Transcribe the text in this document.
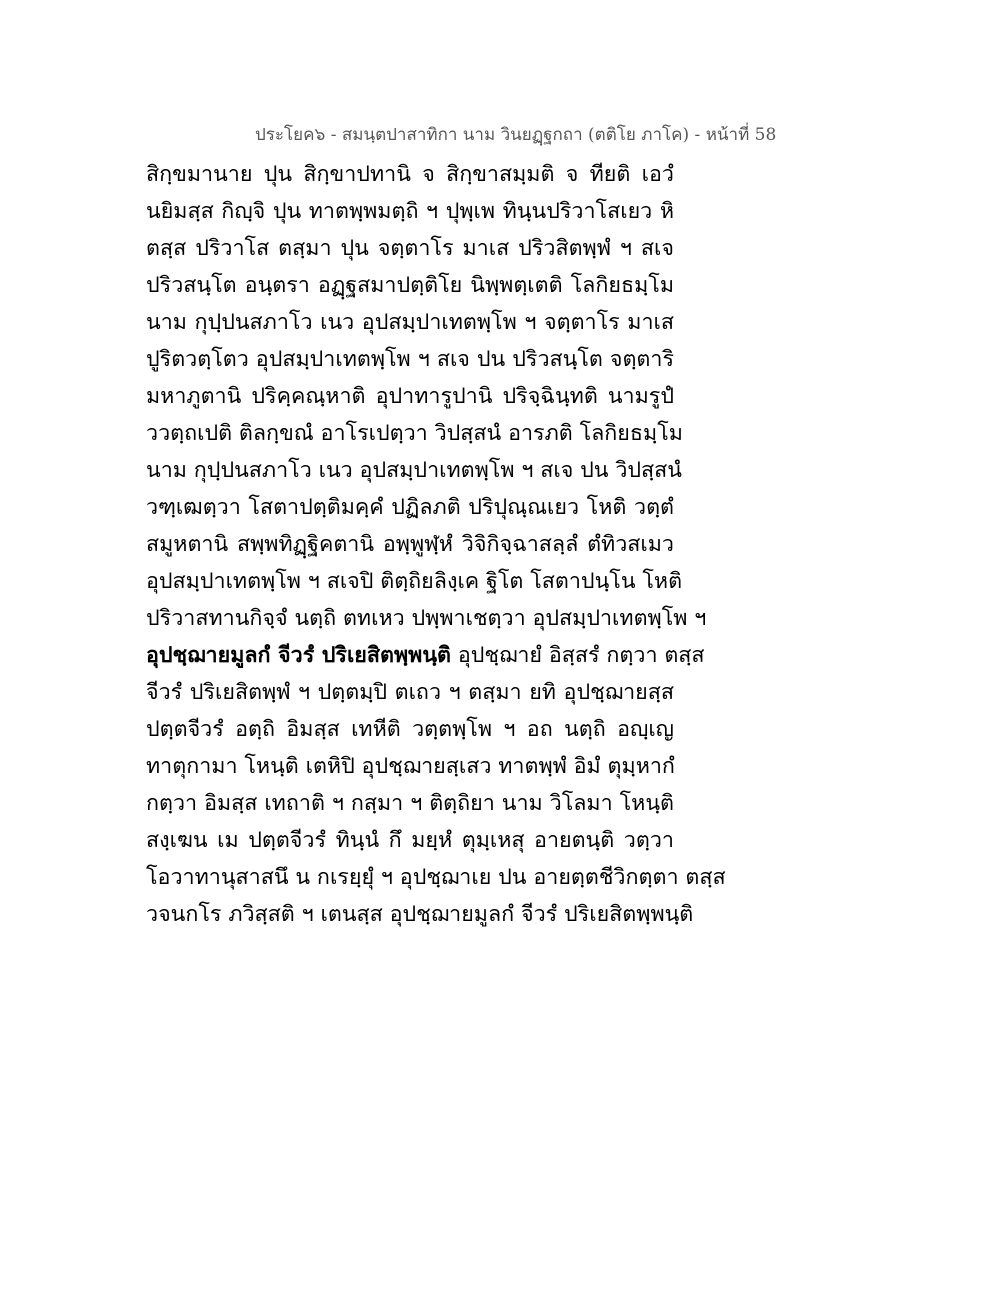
ประโยค๖ - สมนฺตปาสาทิกา นาม วินยฏฺฐกถา (ตติโย ภาโค) - หน้าที่ 58
สิกฺขมานาย ปุน สิกฺขาปทานิ จ สิกฺขาสมฺมติ จ ทียติ เอวํ
นยิมสฺส กิญฺจิ ปุน ทาตพฺพมตฺถิ ฯ ปุพฺเพ ทินฺนปริวาโสเยว หิ
ตสฺส ปริวาโส ตสฺมา ปุน จตฺตาโร มาเส ปริวสิตพฺพํ ฯ สเจ
ปริวสนฺโต อนฺตรา อฏฺฐสมาปตฺติโย นิพฺพตฺเตติ โลกิยธมฺโม
นาม กุปฺปนสภาโว เนว อุปสมฺปาเทตพฺโพ ฯ จตฺตาโร มาเส
ปูริตวตฺโตว อุปสมฺปาเทตพฺโพ ฯ สเจ ปน ปริวสนฺโต จตฺตาริ
มหาภูตานิ ปริคฺคณฺหาติ อุปาทารูปานิ ปริจฺฉินฺทติ นามรูปํ
ววตฺถเปติ ติลกฺขณํ อาโรเปตฺวา วิปสฺสนํ อารภติ โลกิยธมฺโม
นาม กุปฺปนสภาโว เนว อุปสมฺปาเทตพฺโพ ฯ สเจ ปน วิปสฺสนํ
วฑฺเฒตฺวา โสตาปตฺติมคฺคํ ปฏิลภติ ปริปุณฺณเยว โหติ วตฺตํ
สมูหตานิ สพฺพทิฏฺฐิคตานิ อพฺพูฬฺหํ วิจิกิจฺฉาสลฺลํ ตํทิวสเมว
อุปสมฺปาเทตพฺโพ ฯ สเจปิ ติตฺถิยลิงฺเค ฐิโต โสตาปนฺโน โหติ
ปริวาสทานกิจฺจํ นตฺถิ ตทเหว ปพฺพาเชตฺวา อุปสมฺปาเทตพฺโพ ฯ
อุปชฺฌายมูลกํ จีวรํ ปริเยสิตพฺพนฺติ อุปชฺฌายํ อิสฺสรํ กตฺวา ตสฺส
จีวรํ ปริเยสิตพฺพํ ฯ ปตฺตมฺปิ ตเถว ฯ ตสฺมา ยทิ อุปชฺฌายสฺส
ปตฺตจีวรํ อตฺถิ อิมสฺส เทหีติ วตฺตพฺโพ ฯ อถ นตฺถิ อญฺเญ
ทาตุกามา โหนฺติ เตหิปิ อุปชฺฌายสฺเสว ทาตพฺพํ อิมํ ตุมฺหากํ
กตฺวา อิมสฺส เทถาติ ฯ กสฺมา ฯ ติตฺถิยา นาม วิโลมา โหนฺติ
สงฺเฆน เม ปตฺตจีวรํ ทินฺนํ กึ มยฺหํ ตุมฺเหสุ อายตนฺติ วตฺวา
โอวาทานุสาสนึ น กเรยฺยุํ ฯ อุปชฺฌาเย ปน อายตฺตชีวิกตฺตา ตสฺส
วจนกโร ภวิสฺสติ ฯ เตนสฺส อุปชฺฌายมูลกํ จีวรํ ปริเยสิตพฺพนฺติ
